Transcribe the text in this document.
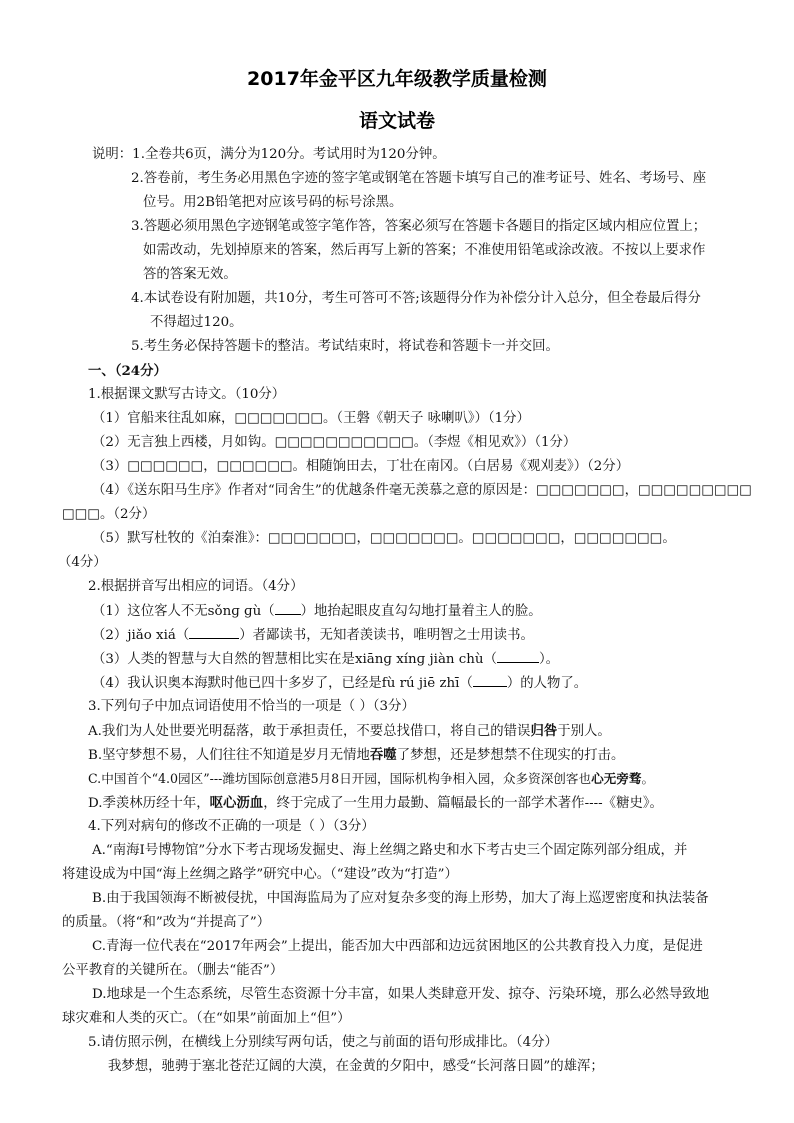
2017年金平区九年级教学质量检测
语文试卷
说明：1.全卷共6页，满分为120分。考试用时为120分钟。
2.答卷前，考生务必用黑色字迹的签字笔或钢笔在答题卡填写自己的准考证号、姓名、考场号、座
位号。用2B铅笔把对应该号码的标号涂黑。
3.答题必须用黑色字迹钢笔或签字笔作答，答案必须写在答题卡各题目的指定区域内相应位置上；
如需改动，先划掉原来的答案，然后再写上新的答案；不准使用铅笔或涂改液。不按以上要求作
答的答案无效。
4.本试卷设有附加题，共10分，考生可答可不答;该题得分作为补偿分计入总分，但全卷最后得分
不得超过120。
5.考生务必保持答题卡的整洁。考试结束时，将试卷和答题卡一并交回。
一、（24分）
1.根据课文默写古诗文。（10分）
（1）官船来往乱如麻，□□□□□□□。（王磐《朝天子 咏喇叭》）（1分）
（2）无言独上西楼，月如钩。□□□□□□□□□□□。（李煜《相见欢》）（1分）
（3）□□□□□□，□□□□□□。相随饷田去，丁壮在南冈。（白居易《观刈麦》）（2分）
（4）《送东阳马生序》作者对“同舍生”的优越条件毫无羡慕之意的原因是：□□□□□□□，□□□□□□□□□
□□□。（2分）
（5）默写杜牧的《泊秦淮》：□□□□□□□，□□□□□□□。□□□□□□□，□□□□□□□。
（4分）
2.根据拼音写出相应的词语。（4分）
（1）这位客人不无sǒnɡ ɡù（ ）地抬起眼皮直勾勾地打量着主人的脸。
（2）jiǎo xiá（	）者鄙读书，无知者羡读书，唯明智之士用读书。
（3）人类的智慧与大自然的智慧相比实在是xiānɡ xínɡ jiàn chù（	）。
（4）我认识奥本海默时他已四十多岁了，已经是fù rú jiē zhī（	）的人物了。
3.下列句子中加点词语使用不恰当的一项是（ ）（3分）
A.我们为人处世要光明磊落，敢于承担责任，不要总找借口，将自己的错误归咎于别人。
B.坚守梦想不易，人们往往不知道是岁月无情地吞噬了梦想，还是梦想禁不住现实的打击。
C.中国首个“4.0园区”---潍坊国际创意港5月8日开园，国际机构争相入园，众多资深创客也心无旁骛。
D.季羡林历经十年，呕心沥血，终于完成了一生用力最勤、篇幅最长的一部学术著作----《糖史》。
4.下列对病句的修改不正确的一项是（ ）（3分）
A.“南海Ⅰ号博物馆”分水下考古现场发掘史、海上丝绸之路史和水下考古史三个固定陈列部分组成，并
将建设成为中国“海上丝绸之路学”研究中心。（“建设”改为“打造”）
B.由于我国领海不断被侵扰，中国海监局为了应对复杂多变的海上形势，加大了海上巡逻密度和执法装备
的质量。（将“和”改为“并提高了”）
C.青海一位代表在“2017年两会”上提出，能否加大中西部和边远贫困地区的公共教育投入力度，是促进
公平教育的关键所在。（删去“能否”）
D.地球是一个生态系统，尽管生态资源十分丰富，如果人类肆意开发、掠夺、污染环境，那么必然导致地
球灾难和人类的灭亡。（在“如果”前面加上“但”）
5.请仿照示例，在横线上分别续写两句话，使之与前面的语句形成排比。（4分）
我梦想，驰骋于塞北苍茫辽阔的大漠，在金黄的夕阳中，感受“长河落日圆”的雄浑；
